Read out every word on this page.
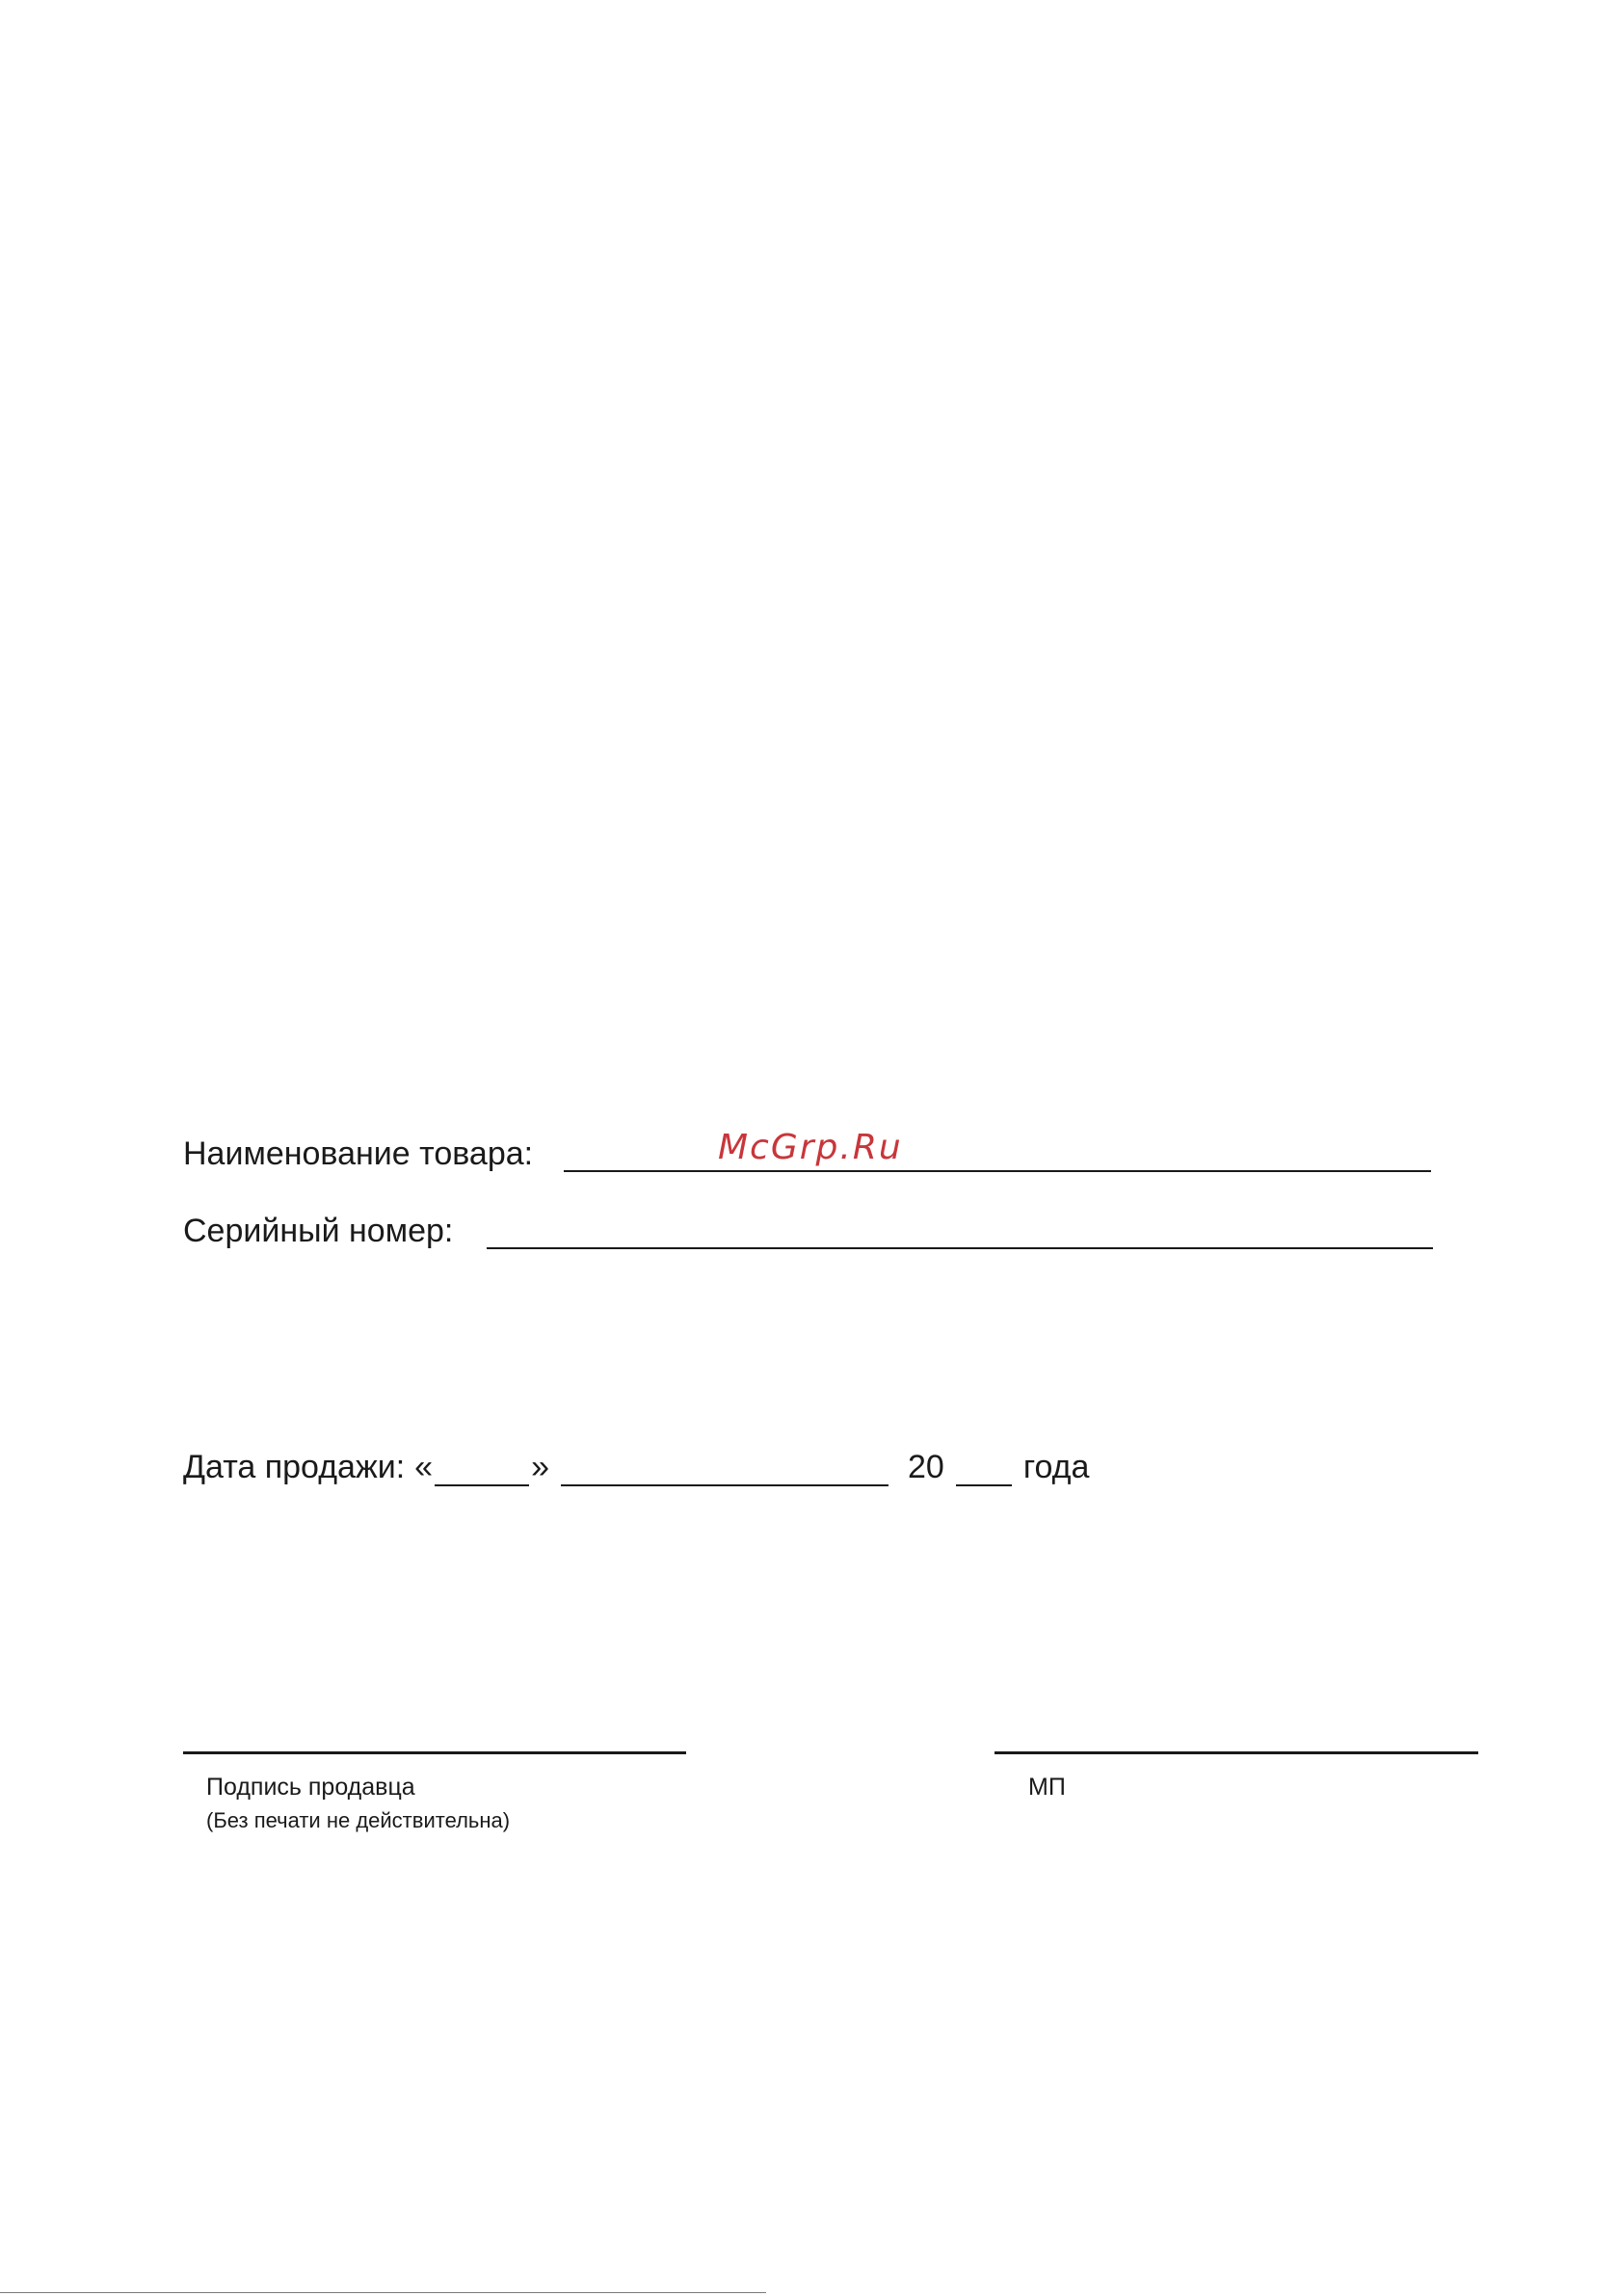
Наименование товара:	McGrp.Ru
Серийный номер:
Дата продажи: «	»	20 года
Подпись продавца
(Без печати не действительна)
МП
